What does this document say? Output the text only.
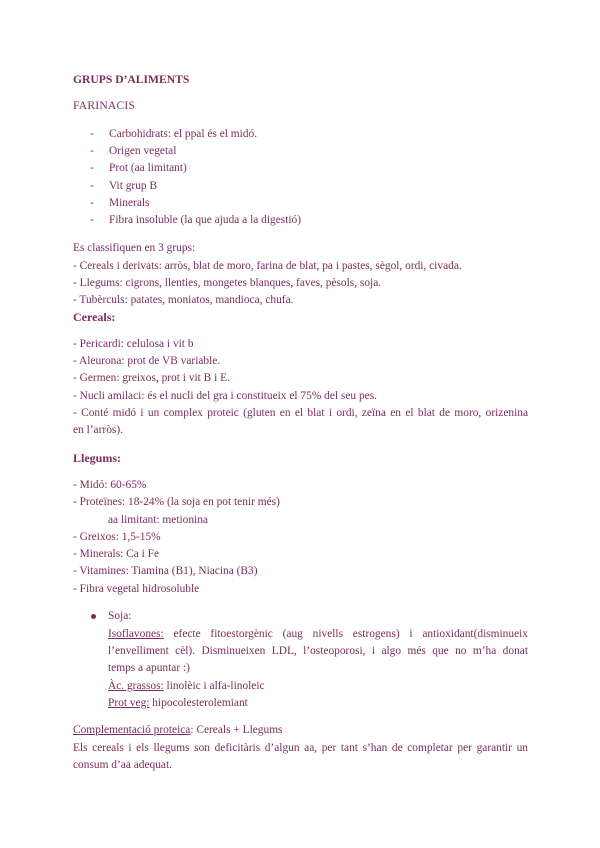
GRUPS D’ALIMENTS
FARINACIS
- Carbohidrats: el ppal és el midó.
- Origen vegetal
- Prot (aa limitant)
- Vit grup B
- Minerals
- Fibra insoluble (la que ajuda a la digestió)
Es classifiquen en 3 grups:
- Cereals i derivats: arròs, blat de moro, farina de blat, pa i pastes, sègol, ordi, civada.
- Llegums: cigrons, llenties, mongetes blanques, faves, pèsols, soja.
- Tubèrculs: patates, moniatos, mandioca, chufa.
Cereals:
- Pericardi: celulosa i vit b
- Aleurona: prot de VB variable.
- Germen: greixos, prot i vit B i E.
- Nucli amilaci: és el nucli del gra i constitueix el 75% del seu pes.
- Conté midó i un complex proteic (gluten en el blat i ordi, zeïna en el blat de moro, orizenina
en l’arròs).
Llegums:
- Midó: 60-65%
- Proteïnes: 18-24% (la soja en pot tenir més)
aa limitant: metionina
- Greixos: 1,5-15%
- Minerals: Ca i Fe
- Vitamines: Tiamina (B1), Niacina (B3)
- Fibra vegetal hidrosoluble
Soja:
Isoflavones: efecte fitoestorgènic (aug nivells estrogens) i antioxidant(disminueix
l’envelliment cèl). Disminueixen LDL, l’osteoporosi, i algo més que no m’ha donat
temps a apuntar :)
Àc. grassos: linolèic i alfa-linoleic
Prot veg: hipocolesterolemiant
Complementació proteica: Cereals + Llegums
Els cereals i els llegums son deficitàris d’algun aa, per tant s’han de completar per garantir un
consum d’aa adequat.
